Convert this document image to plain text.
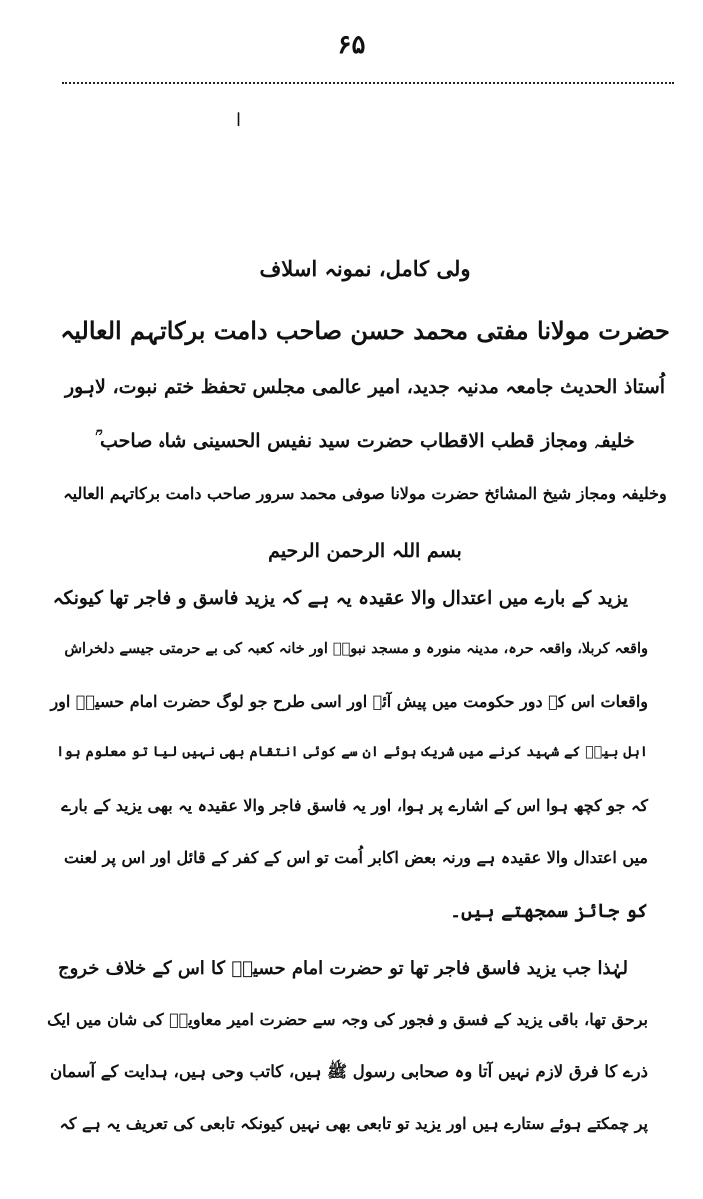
۶۵
ا
ولی کامل، نمونہ اسلاف
حضرت مولانا مفتی محمد حسن صاحب دامت برکاتہم العالیہ
اُستاذ الحدیث جامعہ مدنیہ جدید، امیر عالمی مجلس تحفظ ختم نبوت، لاہور
خلیفہ ومجاز قطب الاقطاب حضرت سید نفیس الحسینی شاہ صاحب ؒ
وخلیفہ ومجاز شیخ المشائخ حضرت مولانا صوفی محمد سرور صاحب دامت برکاتہم العالیہ
بسم اللہ الرحمن الرحیم
یزید کے بارے میں اعتدال والا عقیدہ یہ ہے کہ یزید فاسق و فاجر تھا کیونکہ
واقعہ کربلا، واقعہ حرہ، مدینہ منورہ و مسجد نبویؐ اور خانہ کعبہ کی بے حرمتی جیسے دلخراش
واقعات اس کے دور حکومت میں پیش آئے اور اسی طرح جو لوگ حضرت امام حسینؓ اور
اہل بیتؓ کے شہید کرنے میں شریک ہوئے ان سے کوئی انتقام بھی نہیں لیا تو معلوم ہوا
کہ جو کچھ ہوا اس کے اشارے پر ہوا، اور یہ فاسق فاجر والا عقیدہ یہ بھی یزید کے بارے
میں اعتدال والا عقیدہ ہے ورنہ بعض اکابر اُمت تو اس کے کفر کے قائل اور اس پر لعنت
کو جائز سمجھتے ہیں۔
لہٰذا جب یزید فاسق فاجر تھا تو حضرت امام حسینؓ کا اس کے خلاف خروج
برحق تھا، باقی یزید کے فسق و فجور کی وجہ سے حضرت امیر معاویہؓ کی شان میں ایک
ذرے کا فرق لازم نہیں آتا وہ صحابی رسول ﷺ ہیں، کاتب وحی ہیں، ہدایت کے آسمان
پر چمکتے ہوئے ستارے ہیں اور یزید تو تابعی بھی نہیں کیونکہ تابعی کی تعریف یہ ہے کہ
